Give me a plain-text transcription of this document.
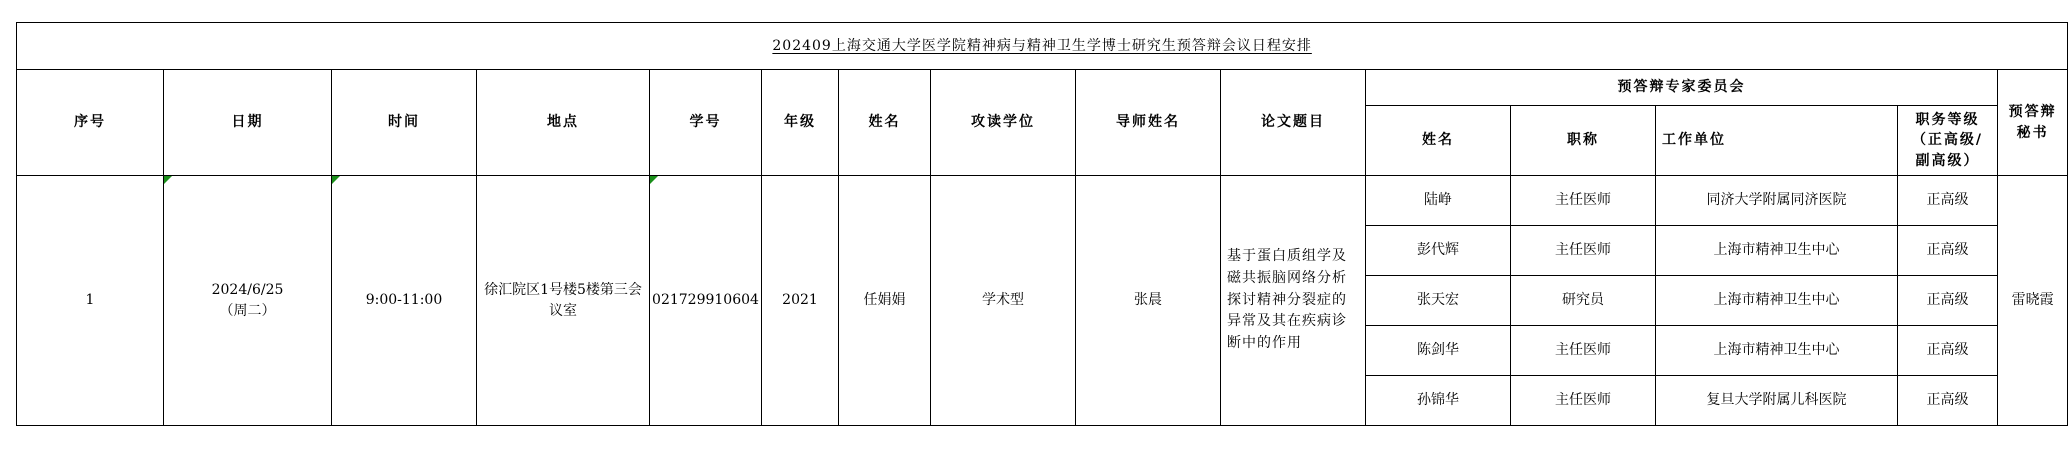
202409上海交通大学医学院精神病与精神卫生学博士研究生预答辩会议日程安排														
序号	日期	时间	地点	学号	年级	姓名	攻读学位	导师姓名	论文题目	预答辩专家委员会				预答辩秘书
										姓名	职称	工作单位	职务等级
（正高级/
副高级）	

1	2024/6/25
（周二）	9:00-11:00	徐汇院区1号楼5楼第三会议室	021729910604	2021	任娟娟	学术型	张晨	基于蛋白质组学及磁共振脑网络分析探讨精神分裂症的异常及其在疾病诊断中的作用	陆峥	主任医师	同济大学附属同济医院	正高级	雷晓霞
										彭代辉	主任医师	上海市精神卫生中心	正高级	
										张天宏	研究员	上海市精神卫生中心	正高级	
										陈剑华	主任医师	上海市精神卫生中心	正高级	
										孙锦华	主任医师	复旦大学附属儿科医院	正高级	
